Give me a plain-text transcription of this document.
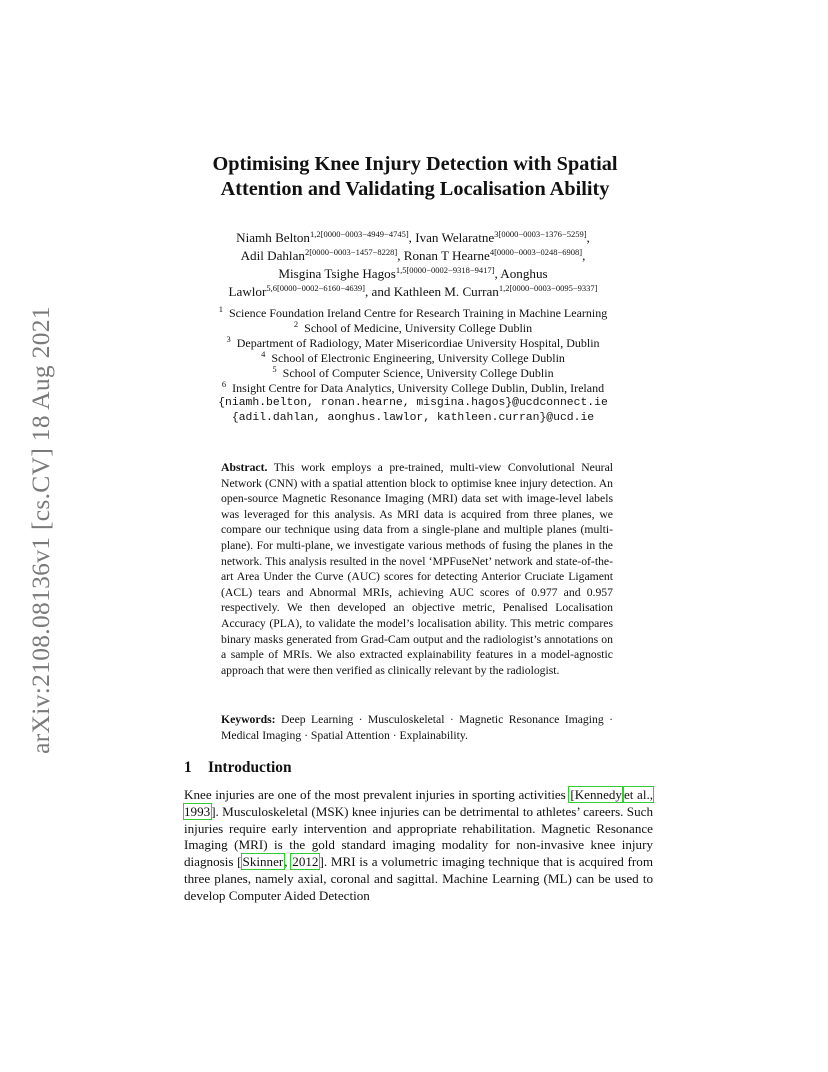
arXiv:2108.08136v1 [cs.CV] 18 Aug 2021
Optimising Knee Injury Detection with Spatial
Attention and Validating Localisation Ability
Niamh Belton$^{1,2[0000-0003-4949-4745]}$, Ivan Welaratne$^{3[0000-0003-1376-5259]}$,
Adil Dahlan$^{2[0000-0003-1457-8228]}$, Ronan T Hearne$^{4[0000-0003-0248-6908]}$,
Misgina Tsighe Hagos$^{1,5[0000-0002-9318-9417]}$, Aonghus
Lawlor$^{5,6[0000-0002-6160-4639]}$, and Kathleen M. Curran$^{1,2[0000-0003-0095-9337]}$
$^1$ Science Foundation Ireland Centre for Research Training in Machine Learning
$^2$ School of Medicine, University College Dublin
$^3$ Department of Radiology, Mater Misericordiae University Hospital, Dublin
$^4$ School of Electronic Engineering, University College Dublin
$^5$ School of Computer Science, University College Dublin
$^6$ Insight Centre for Data Analytics, University College Dublin, Dublin, Ireland
{niamh.belton, ronan.hearne, misgina.hagos}@ucdconnect.ie
{adil.dahlan, aonghus.lawlor, kathleen.curran}@ucd.ie
Abstract. This work employs a pre-trained, multi-view Convolutional Neural Network (CNN) with a spatial attention block to optimise knee injury detection. An open-source Magnetic Resonance Imaging (MRI) data set with image-level labels was leveraged for this analysis. As MRI data is acquired from three planes, we compare our technique using data from a single-plane and multiple planes (multi-plane). For multi-plane, we investigate various methods of fusing the planes in the network. This analysis resulted in the novel ‘MPFuseNet’ network and state-of-the-art Area Under the Curve (AUC) scores for detecting Anterior Cruciate Ligament (ACL) tears and Abnormal MRIs, achieving AUC scores of 0.977 and 0.957 respectively. We then developed an objective metric, Penalised Localisation Accuracy (PLA), to validate the model’s localisation ability. This metric compares binary masks generated from Grad-Cam output and the radiologist’s annotations on a sample of MRIs. We also extracted explainability features in a model-agnostic approach that were then verified as clinically relevant by the radiologist.
Keywords: Deep Learning · Musculoskeletal · Magnetic Resonance Imaging · Medical Imaging · Spatial Attention · Explainability.
1 Introduction
Knee injuries are one of the most prevalent injuries in sporting activities [Kennedy et al., 1993]. Musculoskeletal (MSK) knee injuries can be detrimental to athletes’ careers. Such injuries require early intervention and appropriate rehabilitation. Magnetic Resonance Imaging (MRI) is the gold standard imaging modality for non-invasive knee injury diagnosis [Skinner, 2012]. MRI is a volumetric imaging technique that is acquired from three planes, namely axial, coronal and sagittal. Machine Learning (ML) can be used to develop Computer Aided Detection
